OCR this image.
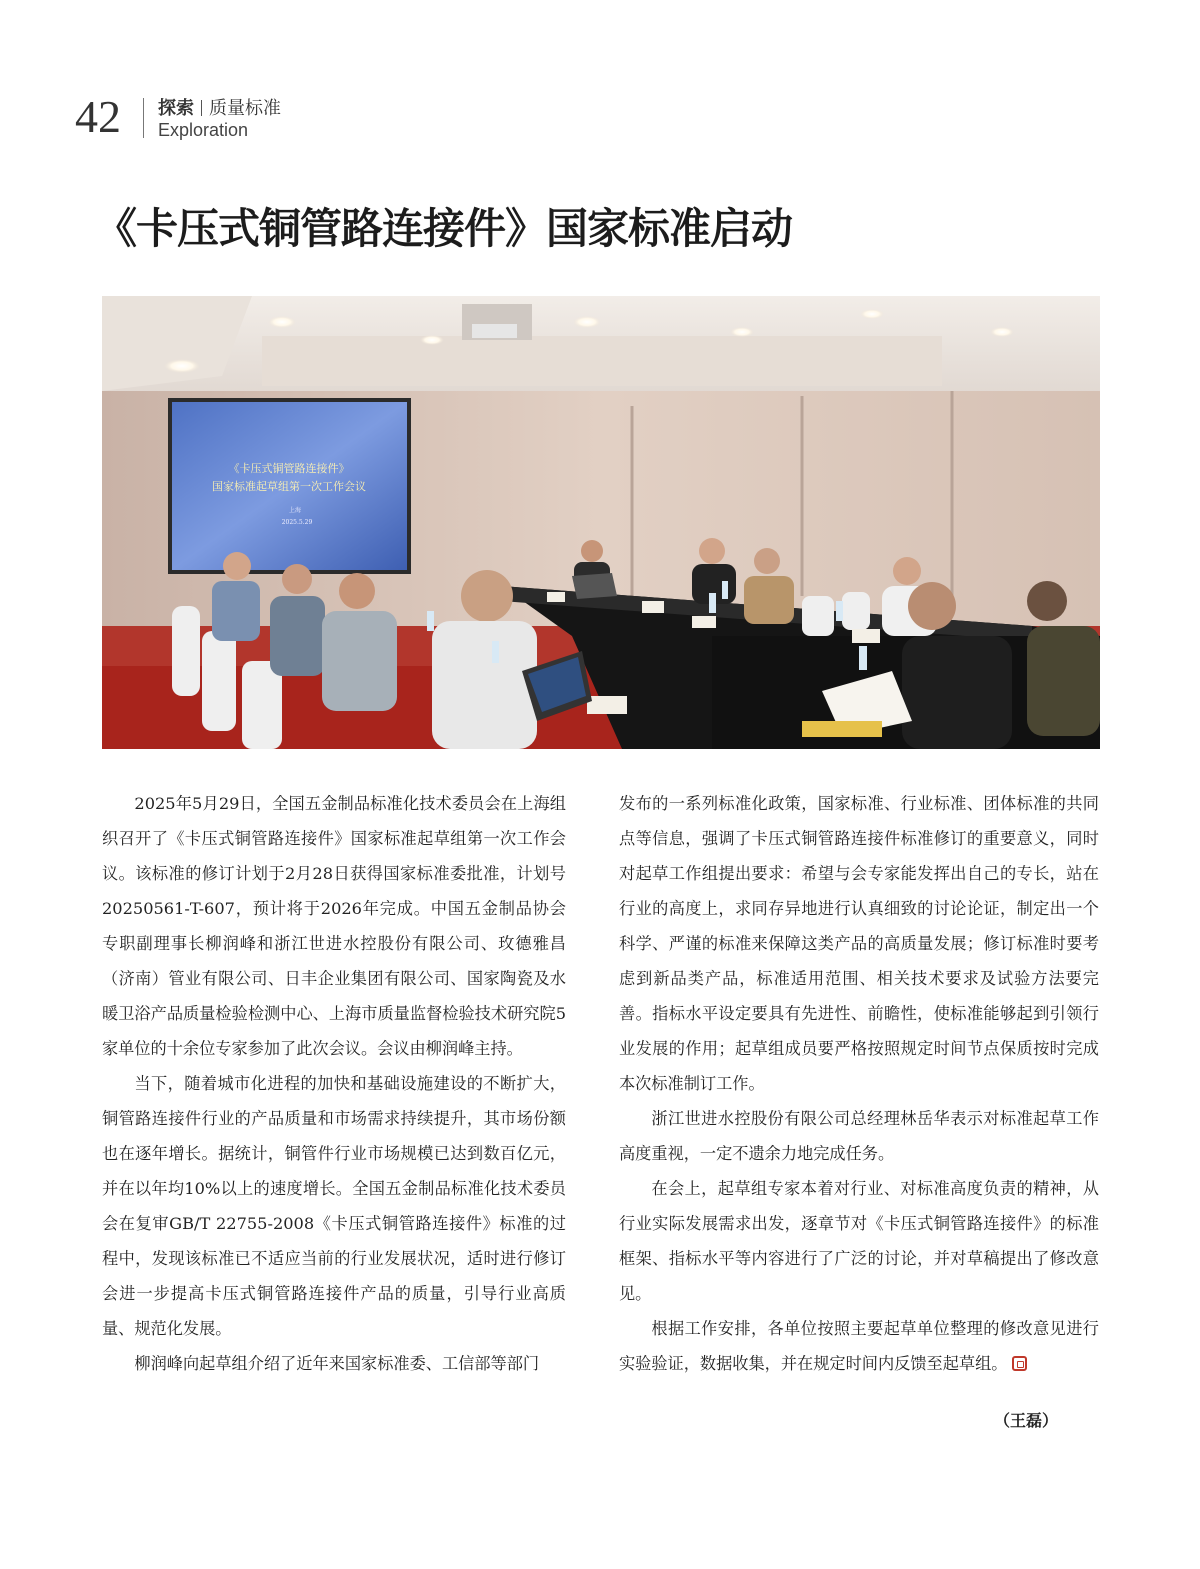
42 探索 质量标准
Exploration
《卡压式铜管路连接件》国家标准启动
《卡压式铜管路连接件》
国家标准起草组第一次工作会议
上海
2025.5.29

2025年5月29日，全国五金制品标准化技术委员会在上海组织召开了《卡压式铜管路连接件》国家标准起草组第一次工作会议。该标准的修订计划于2月28日获得国家标准委批准，计划号20250561-T-607，预计将于2026年完成。中国五金制品协会专职副理事长柳润峰和浙江世进水控股份有限公司、玫德雅昌（济南）管业有限公司、日丰企业集团有限公司、国家陶瓷及水暖卫浴产品质量检验检测中心、上海市质量监督检验技术研究院5家单位的十余位专家参加了此次会议。会议由柳润峰主持。

当下，随着城市化进程的加快和基础设施建设的不断扩大，铜管路连接件行业的产品质量和市场需求持续提升，其市场份额也在逐年增长。据统计，铜管件行业市场规模已达到数百亿元，并在以年均10%以上的速度增长。全国五金制品标准化技术委员会在复审GB/T 22755-2008《卡压式铜管路连接件》标准的过程中，发现该标准已不适应当前的行业发展状况，适时进行修订会进一步提高卡压式铜管路连接件产品的质量，引导行业高质量、规范化发展。

柳润峰向起草组介绍了近年来国家标准委、工信部等部门

发布的一系列标准化政策，国家标准、行业标准、团体标准的共同点等信息，强调了卡压式铜管路连接件标准修订的重要意义，同时对起草工作组提出要求：希望与会专家能发挥出自己的专长，站在行业的高度上，求同存异地进行认真细致的讨论论证，制定出一个科学、严谨的标准来保障这类产品的高质量发展；修订标准时要考虑到新品类产品，标准适用范围、相关技术要求及试验方法要完善。指标水平设定要具有先进性、前瞻性，使标准能够起到引领行业发展的作用；起草组成员要严格按照规定时间节点保质按时完成本次标准制订工作。

浙江世进水控股份有限公司总经理林岳华表示对标准起草工作高度重视，一定不遗余力地完成任务。

在会上，起草组专家本着对行业、对标准高度负责的精神，从行业实际发展需求出发，逐章节对《卡压式铜管路连接件》的标准框架、指标水平等内容进行了广泛的讨论，并对草稿提出了修改意见。

根据工作安排，各单位按照主要起草单位整理的修改意见进行实验验证，数据收集，并在规定时间内反馈至起草组。

（王磊）
